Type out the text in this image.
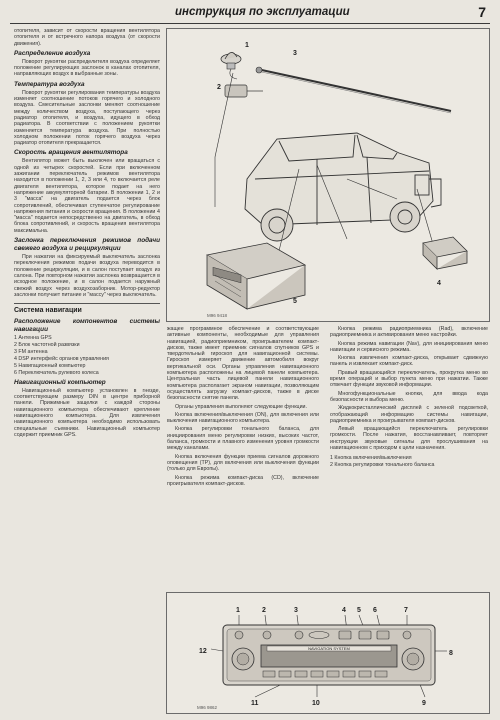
инструкция по эксплуатации	7

отопителя, зависит от скорости вращения вентилятора отопителя и от встречного напора воздуха (от скорости движения).

Распределение воздуха

Поворот рукоятки распределителя воздуха определяет положение регулирующих заслонок в каналах отопителя, направляющих воздух в выбранные зоны.

Температура воздуха

Поворот рукоятки регулирования температуры воздуха изменяет соотношение потоков горячего и холодного воздуха. Смесительные заслонки меняют соотношение между количеством воздуха, поступающего через радиатор отопителя, и воздуха, идущего в обход радиатора. В соответствии с положением рукоятки изменяется температура воздуха. При полностью холодном положении поток горячего воздуха через радиатор отопителя прекращается.

Скорость вращения вентилятора

Вентилятор может быть выключен или вращаться с одной из четырех скоростей. Если при включенном зажигании переключатель режимов вентилятора находится в положении 1, 2, 3 или 4, то включается реле двигателя вентилятора, которое подает на него напряжение аккумуляторной батареи. В положении 1, 2 и 3 "масса" на двигатель подается через блок сопротивлений, обеспечивая ступенчатое регулирование напряжения питания и скорости вращения. В положении 4 "масса" подается непосредственно на двигатель, в обход блока сопротивлений, и скорость вращения вентилятора максимальна.

Заслонка переключения режимов подачи свежего воздуха и рециркуляции

При нажатии на фиксируемый выключатель заслонка переключения режимов подачи воздуха переводится в положение рециркуляции, и в салон поступает воздух из салона. При повторном нажатии заслонка возвращается в исходное положение, и в салон подается наружный свежий воздух через воздухозаборник. Мотор-редуктор заслонки получает питание и "массу" через выключатель.

Система навигации
Расположение компонентов системы навигации
1 Антенна GPS
2 Блок частотной развязки
3 FM антенна
4 DSP интерфейс органов управления
5 Навигационный компьютер
6 Переключатель рулевого колеса
Навигационный компьютер

Навигационный компьютер установлен в гнезде, соответствующем размеру DIN в центре приборной панели. Прижимные защелки с каждой стороны навигационного компьютера обеспечивают крепление навигационного компьютера. Для извлечения навигационного компьютера необходимо использовать специальные съемники. Навигационный компьютер содержит приемник GPS.

1
2
3
4
5
M96 9418

жащее программное обеспечение и соответствующие активные компоненты, необходимые для управления навигацией, радиоприемником, проигрывателем компакт-дисков, также имеет приемник сигналов спутников GPS и твердотельный гироскоп для навигационной системы. Гироскоп измеряет движение автомобиля вокруг вертикальной оси. Органы управления навигационного компьютера расположены на лицевой панели компьютера. Центральная часть лицевой панели навигационного компьютера располагает экраном навигации, позволяющим осуществлять загрузку компакт-дисков, также в диске безопасности снятие панели.

Органы управления выполняют следующие функции.

Кнопка включения/выключения (ON), для включения или выключения навигационного компьютера.

Кнопка регулировки тонального баланса, для инициирования меню регулировки низких, высоких частот, баланса, громкости и плавного изменения уровня громкости между каналами.

Кнопка включения функции приема сигналов дорожного оповещения (TP), для включения или выключения функции (только для Европы).

Кнопка режима компакт-диска (CD), включение проигрывателя компакт-дисков.

Кнопка режима радиоприемника (Rad), включение радиоприемника и активирования меню настройки.

Кнопка режима навигации (Nav), для инициирования меню навигации и сервисного режима.

Кнопка извлечения компакт-диска, открывает сдвижную панель и извлекает компакт-диск.

Правый вращающийся переключатель, прокрутка меню во время операций и выбор пункта меню при нажатии. Также отвечает функции звуковой информации.

Многофункциональные кнопки, для ввода кода безопасности и выбора меню.

Жидкокристаллический дисплей с зеленой подсветкой, отображающий информацию системы навигации, радиоприемника и проигрывателя компакт-дисков.

Левый вращающийся переключатель регулировки громкости. После нажатия, восстанавливает, повторяет инструкции звуковые сигналы для прослушивания на навигационном с приходом к цели назначения.

1 Кнопка включения/выключения
2 Кнопка регулировки тонального баланса
NAVIGATION SYSTEM
1	2	3	4 5 6	7
8
9
10
11
12
M96 9862
